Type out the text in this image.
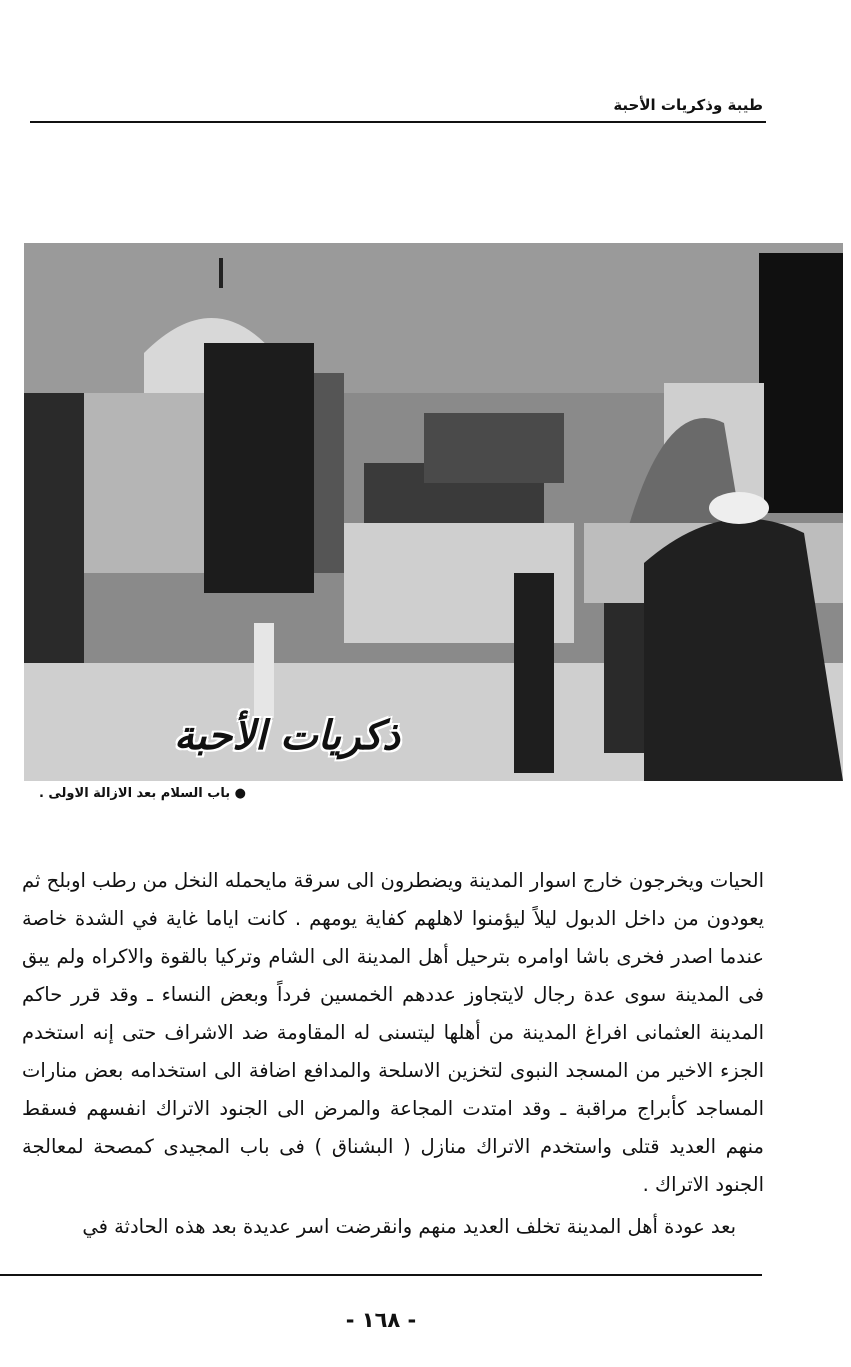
طيبة وذكريات الأحبة
ذكريات الأحبة
● باب السلام بعد الازالة الاولى .

الحيات ويخرجون خارج اسوار المدينة ويضطرون الى سرقة مايحمله النخل من رطب اوبلح ثم يعودون من داخل الدبول ليلاً ليؤمنوا لاهلهم كفاية يومهم . كانت اياما غاية في الشدة خاصة عندما اصدر فخرى باشا اوامره بترحيل أهل المدينة الى الشام وتركيا بالقوة والاكراه ولم يبق فى المدينة سوى عدة رجال لايتجاوز عددهم الخمسين فرداً وبعض النساء ـ وقد قرر حاكم المدينة العثمانى افراغ المدينة من أهلها ليتسنى له المقاومة ضد الاشراف حتى إنه استخدم الجزء الاخير من المسجد النبوى لتخزين الاسلحة والمدافع اضافة الى استخدامه بعض منارات المساجد كأبراج مراقبة ـ وقد امتدت المجاعة والمرض الى الجنود الاتراك انفسهم فسقط منهم العديد قتلى واستخدم الاتراك منازل ( البشناق ) فى باب المجيدى كمصحة لمعالجة الجنود الاتراك .

بعد عودة أهل المدينة تخلف العديد منهم وانقرضت اسر عديدة بعد هذه الحادثة في

- ١٦٨ -
